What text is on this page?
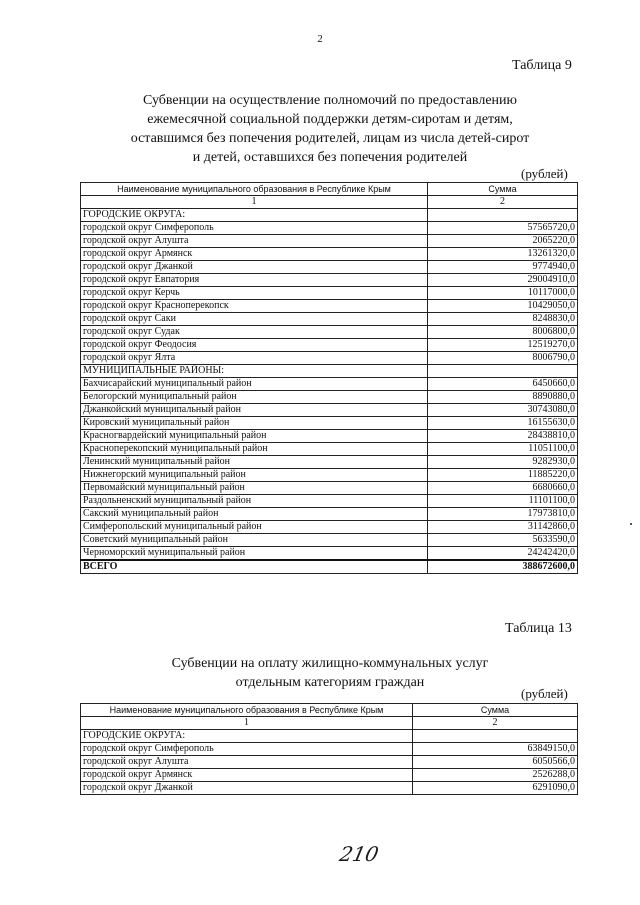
2
Таблица 9
Субвенции на осуществление полномочий по предоставлению
ежемесячной социальной поддержки детям-сиротам и детям,
оставшимся без попечения родителей, лицам из числа детей-сирот
и детей, оставшихся без попечения родителей
(рублей)
Наименование муниципального образования в Республике Крым	Сумма
1	2
ГОРОДСКИЕ ОКРУГА:	
городской округ Симферополь	57565720,0
городской округ Алушта	2065220,0
городской округ Армянск	13261320,0
городской округ Джанкой	9774940,0
городской округ Евпатория	29004910,0
городской округ Керчь	10117000,0
городской округ Красноперекопск	10429050,0
городской округ Саки	8248830,0
городской округ Судак	8006800,0
городской округ Феодосия	12519270,0
городской округ Ялта	8006790,0
МУНИЦИПАЛЬНЫЕ РАЙОНЫ:	
Бахчисарайский муниципальный район	6450660,0
Белогорский муниципальный район	8890880,0
Джанкойский муниципальный район	30743080,0
Кировский муниципальный район	16155630,0
Красногвардейский муниципальный район	28438810,0
Красноперекопский муниципальный район	11051100,0
Ленинский муниципальный район	9282930,0
Нижнегорский муниципальный район	11885220,0
Первомайский муниципальный район	6680660,0
Раздольненский муниципальный район	11101100,0
Сакский муниципальный район	17973810,0
Симферопольский муниципальный район	31142860,0
Советский муниципальный район	5633590,0
Черноморский муниципальный район	24242420,0
ВСЕГО	388672600,0
Таблица 13
Субвенции на оплату жилищно-коммунальных услуг
отдельным категориям граждан
(рублей)
Наименование муниципального образования в Республике Крым	Сумма
1	2
ГОРОДСКИЕ ОКРУГА:	
городской округ Симферополь	63849150,0
городской округ Алушта	6050566,0
городской округ Армянск	2526288,0
городской округ Джанкой	6291090,0
210
